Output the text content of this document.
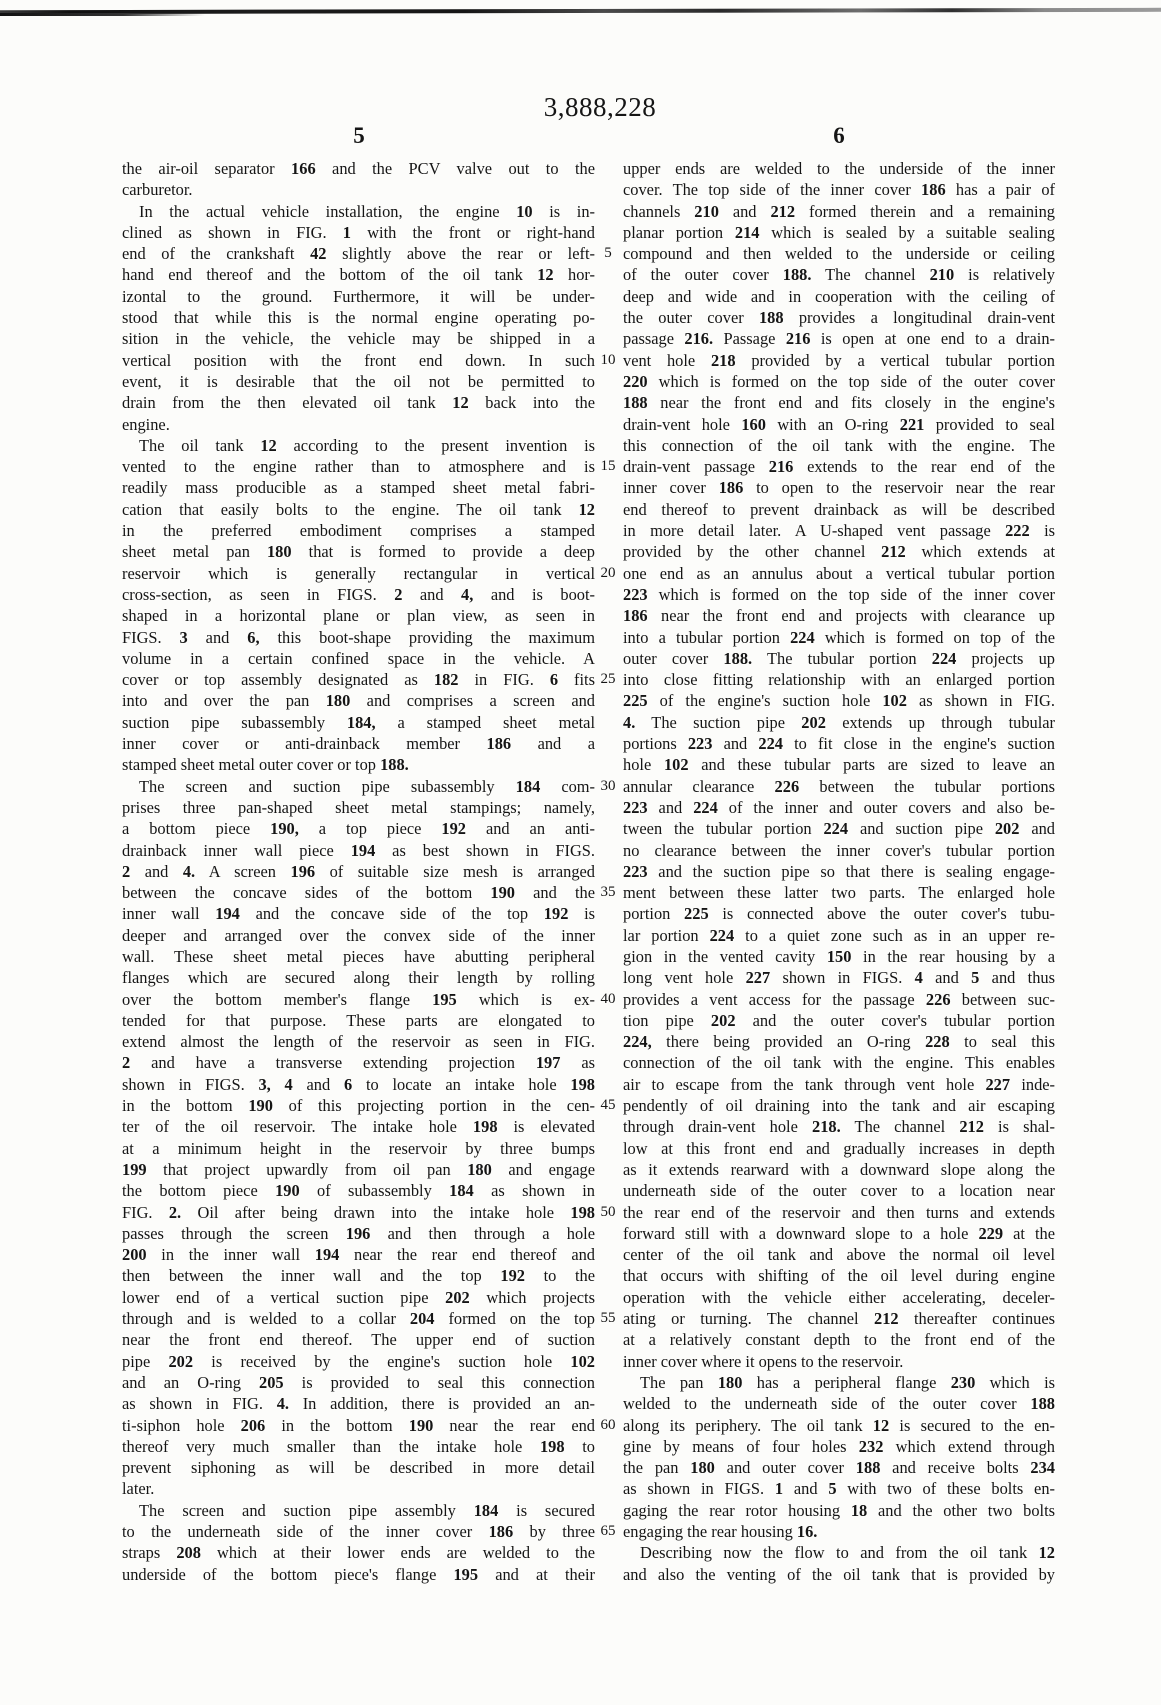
3,888,228
5	6
the air-oil separator 166 and the PCV valve out to the
carburetor.
In the actual vehicle installation, the engine 10 is in-
clined as shown in FIG. 1 with the front or right-hand
end of the crankshaft 42 slightly above the rear or left-
hand end thereof and the bottom of the oil tank 12 hor-
izontal to the ground. Furthermore, it will be under-
stood that while this is the normal engine operating po-
sition in the vehicle, the vehicle may be shipped in a
vertical position with the front end down. In such
event, it is desirable that the oil not be permitted to
drain from the then elevated oil tank 12 back into the
engine.
The oil tank 12 according to the present invention is
vented to the engine rather than to atmosphere and is
readily mass producible as a stamped sheet metal fabri-
cation that easily bolts to the engine. The oil tank 12
in the preferred embodiment comprises a stamped
sheet metal pan 180 that is formed to provide a deep
reservoir which is generally rectangular in vertical
cross-section, as seen in FIGS. 2 and 4, and is boot-
shaped in a horizontal plane or plan view, as seen in
FIGS. 3 and 6, this boot-shape providing the maximum
volume in a certain confined space in the vehicle. A
cover or top assembly designated as 182 in FIG. 6 fits
into and over the pan 180 and comprises a screen and
suction pipe subassembly 184, a stamped sheet metal
inner cover or anti-drainback member 186 and a
stamped sheet metal outer cover or top 188.
The screen and suction pipe subassembly 184 com-
prises three pan-shaped sheet metal stampings; namely,
a bottom piece 190, a top piece 192 and an anti-
drainback inner wall piece 194 as best shown in FIGS.
2 and 4. A screen 196 of suitable size mesh is arranged
between the concave sides of the bottom 190 and the
inner wall 194 and the concave side of the top 192 is
deeper and arranged over the convex side of the inner
wall. These sheet metal pieces have abutting peripheral
flanges which are secured along their length by rolling
over the bottom member's flange 195 which is ex-
tended for that purpose. These parts are elongated to
extend almost the length of the reservoir as seen in FIG.
2 and have a transverse extending projection 197 as
shown in FIGS. 3, 4 and 6 to locate an intake hole 198
in the bottom 190 of this projecting portion in the cen-
ter of the oil reservoir. The intake hole 198 is elevated
at a minimum height in the reservoir by three bumps
199 that project upwardly from oil pan 180 and engage
the bottom piece 190 of subassembly 184 as shown in
FIG. 2. Oil after being drawn into the intake hole 198
passes through the screen 196 and then through a hole
200 in the inner wall 194 near the rear end thereof and
then between the inner wall and the top 192 to the
lower end of a vertical suction pipe 202 which projects
through and is welded to a collar 204 formed on the top
near the front end thereof. The upper end of suction
pipe 202 is received by the engine's suction hole 102
and an O-ring 205 is provided to seal this connection
as shown in FIG. 4. In addition, there is provided an an-
ti-siphon hole 206 in the bottom 190 near the rear end
thereof very much smaller than the intake hole 198 to
prevent siphoning as will be described in more detail
later.
The screen and suction pipe assembly 184 is secured
to the underneath side of the inner cover 186 by three
straps 208 which at their lower ends are welded to the
underside of the bottom piece's flange 195 and at their
upper ends are welded to the underside of the inner
cover. The top side of the inner cover 186 has a pair of
channels 210 and 212 formed therein and a remaining
planar portion 214 which is sealed by a suitable sealing
compound and then welded to the underside or ceiling
of the outer cover 188. The channel 210 is relatively
deep and wide and in cooperation with the ceiling of
the outer cover 188 provides a longitudinal drain-vent
passage 216. Passage 216 is open at one end to a drain-
vent hole 218 provided by a vertical tubular portion
220 which is formed on the top side of the outer cover
188 near the front end and fits closely in the engine's
drain-vent hole 160 with an O-ring 221 provided to seal
this connection of the oil tank with the engine. The
drain-vent passage 216 extends to the rear end of the
inner cover 186 to open to the reservoir near the rear
end thereof to prevent drainback as will be described
in more detail later. A U-shaped vent passage 222 is
provided by the other channel 212 which extends at
one end as an annulus about a vertical tubular portion
223 which is formed on the top side of the inner cover
186 near the front end and projects with clearance up
into a tubular portion 224 which is formed on top of the
outer cover 188. The tubular portion 224 projects up
into close fitting relationship with an enlarged portion
225 of the engine's suction hole 102 as shown in FIG.
4. The suction pipe 202 extends up through tubular
portions 223 and 224 to fit close in the engine's suction
hole 102 and these tubular parts are sized to leave an
annular clearance 226 between the tubular portions
223 and 224 of the inner and outer covers and also be-
tween the tubular portion 224 and suction pipe 202 and
no clearance between the inner cover's tubular portion
223 and the suction pipe so that there is sealing engage-
ment between these latter two parts. The enlarged hole
portion 225 is connected above the outer cover's tubu-
lar portion 224 to a quiet zone such as in an upper re-
gion in the vented cavity 150 in the rear housing by a
long vent hole 227 shown in FIGS. 4 and 5 and thus
provides a vent access for the passage 226 between suc-
tion pipe 202 and the outer cover's tubular portion
224, there being provided an O-ring 228 to seal this
connection of the oil tank with the engine. This enables
air to escape from the tank through vent hole 227 inde-
pendently of oil draining into the tank and air escaping
through drain-vent hole 218. The channel 212 is shal-
low at this front end and gradually increases in depth
as it extends rearward with a downward slope along the
underneath side of the outer cover to a location near
the rear end of the reservoir and then turns and extends
forward still with a downward slope to a hole 229 at the
center of the oil tank and above the normal oil level
that occurs with shifting of the oil level during engine
operation with the vehicle either accelerating, deceler-
ating or turning. The channel 212 thereafter continues
at a relatively constant depth to the front end of the
inner cover where it opens to the reservoir.
The pan 180 has a peripheral flange 230 which is
welded to the underneath side of the outer cover 188
along its periphery. The oil tank 12 is secured to the en-
gine by means of four holes 232 which extend through
the pan 180 and outer cover 188 and receive bolts 234
as shown in FIGS. 1 and 5 with two of these bolts en-
gaging the rear rotor housing 18 and the other two bolts
engaging the rear housing 16.
Describing now the flow to and from the oil tank 12
and also the venting of the oil tank that is provided by
5
10
15
20
25
30
35
40
45
50
55
60
65
